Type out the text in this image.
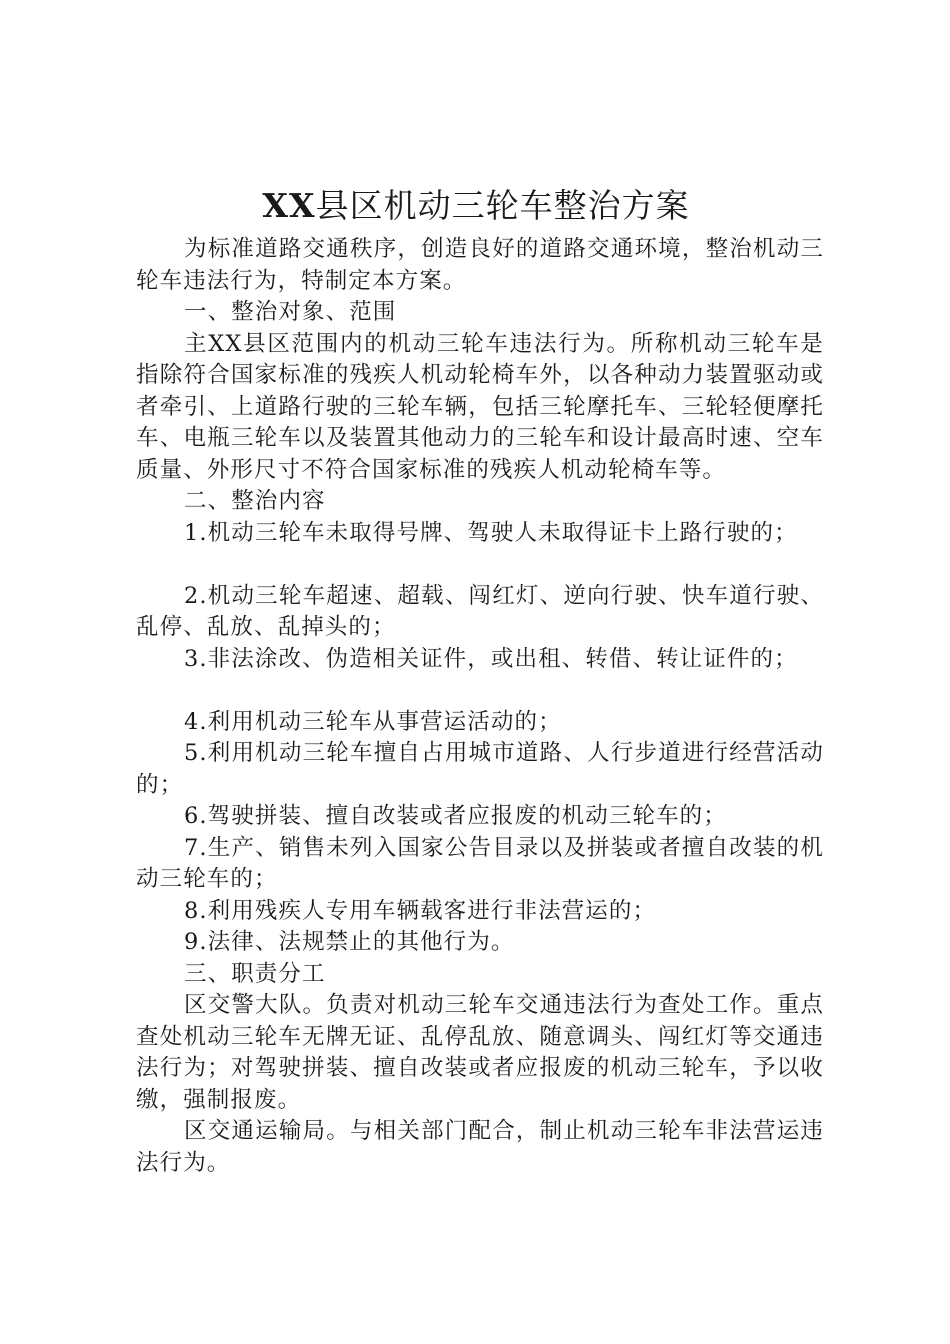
XX县区机动三轮车整治方案

为标准道路交通秩序，创造良好的道路交通环境，整治机动三轮车违法行为，特制定本方案。

一、整治对象、范围

主XX县区范围内的机动三轮车违法行为。所称机动三轮车是指除符合国家标准的残疾人机动轮椅车外，以各种动力装置驱动或者牵引、上道路行驶的三轮车辆，包括三轮摩托车、三轮轻便摩托车、电瓶三轮车以及装置其他动力的三轮车和设计最高时速、空车质量、外形尺寸不符合国家标准的残疾人机动轮椅车等。

二、整治内容

1.机动三轮车未取得号牌、驾驶人未取得证卡上路行驶的；

2.机动三轮车超速、超载、闯红灯、逆向行驶、快车道行驶、乱停、乱放、乱掉头的；

3.非法涂改、伪造相关证件，或出租、转借、转让证件的；

4.利用机动三轮车从事营运活动的；

5.利用机动三轮车擅自占用城市道路、人行步道进行经营活动的；

6.驾驶拼装、擅自改装或者应报废的机动三轮车的；

7.生产、销售未列入国家公告目录以及拼装或者擅自改装的机动三轮车的；

8.利用残疾人专用车辆载客进行非法营运的；

9.法律、法规禁止的其他行为。

三、职责分工

区交警大队。负责对机动三轮车交通违法行为查处工作。重点查处机动三轮车无牌无证、乱停乱放、随意调头、闯红灯等交通违法行为；对驾驶拼装、擅自改装或者应报废的机动三轮车，予以收缴，强制报废。

区交通运输局。与相关部门配合，制止机动三轮车非法营运违法行为。
